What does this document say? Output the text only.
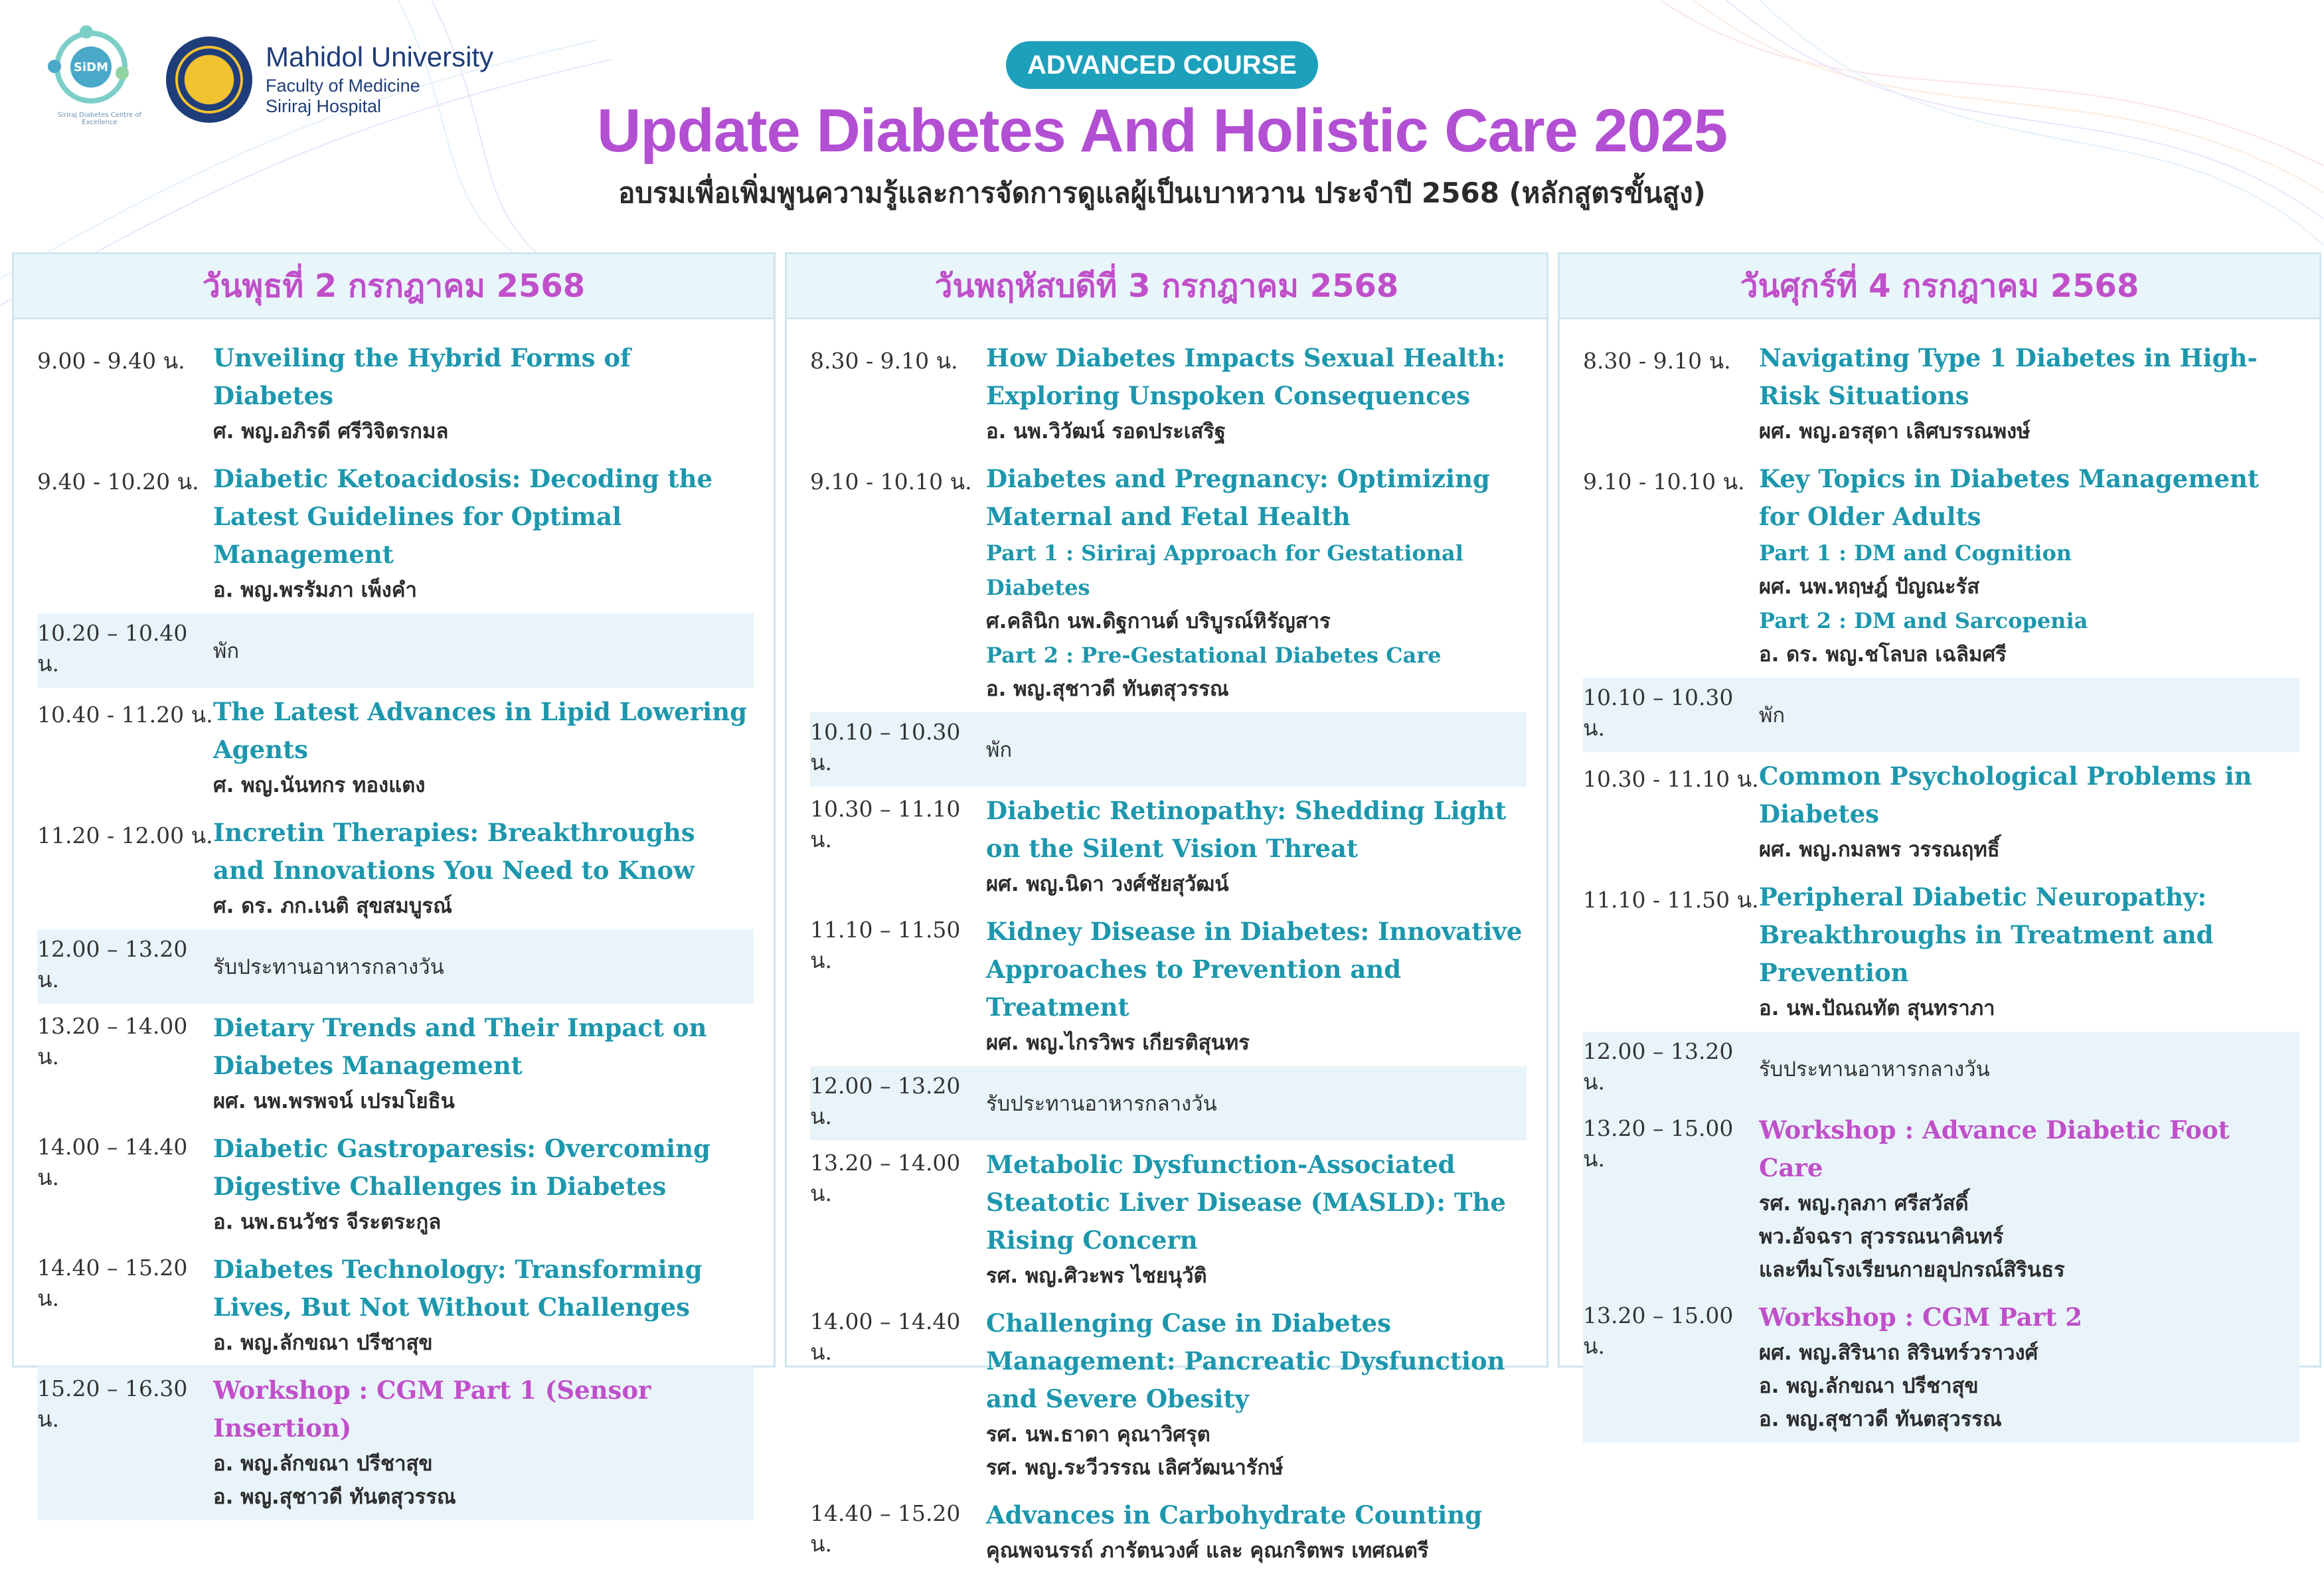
SiDM
Siriraj Diabetes Centre of Excellence
Mahidol University
Faculty of Medicine
Siriraj Hospital
ADVANCED COURSE
Update Diabetes And Holistic Care 2025
อบรมเพื่อเพิ่มพูนความรู้และการจัดการดูแลผู้เป็นเบาหวาน ประจำปี 2568 (หลักสูตรขั้นสูง)
วันพุธที่ 2 กรกฎาคม 2568
9.00 - 9.40 น.	Unveiling the Hybrid Forms of Diabetes
ศ. พญ.อภิรดี ศรีวิจิตรกมล
9.40 - 10.20 น. Diabetic Ketoacidosis: Decoding the Latest Guidelines for Optimal Management
อ. พญ.พรรัมภา เพ็งคำ
10.20 – 10.40 น.	พัก
10.40 - 11.20 น. The Latest Advances in Lipid Lowering Agents
ศ. พญ.นันทกร ทองแตง
11.20 - 12.00 น. Incretin Therapies: Breakthroughs and Innovations You Need to Know
ศ. ดร. ภก.เนติ สุขสมบูรณ์
12.00 – 13.20 น.	รับประทานอาหารกลางวัน
13.20 – 14.00 น.
Dietary Trends and Their Impact on Diabetes Management
ผศ. นพ.พรพจน์ เปรมโยธิน
14.00 – 14.40 น.
Diabetic Gastroparesis: Overcoming Digestive Challenges in Diabetes
อ. นพ.ธนวัชร จีระตระกูล
14.40 – 15.20 น.
Diabetes Technology: Transforming Lives, But Not Without Challenges
อ. พญ.ลักขณา ปรีชาสุข
15.20 – 16.30 น.
Workshop : CGM Part 1 (Sensor Insertion)
อ. พญ.ลักขณา ปรีชาสุข
อ. พญ.สุชาวดี ทันตสุวรรณ
วันพฤหัสบดีที่ 3 กรกฎาคม 2568
8.30 - 9.10 น.	How Diabetes Impacts Sexual Health: Exploring Unspoken Consequences
อ. นพ.วิวัฒน์ รอดประเสริฐ
9.10 - 10.10 น. Diabetes and Pregnancy: Optimizing Maternal and Fetal Health
Part 1 : Siriraj Approach for Gestational Diabetes
ศ.คลินิก นพ.ดิฐกานต์ บริบูรณ์หิรัญสาร
Part 2 : Pre-Gestational Diabetes Care
อ. พญ.สุชาวดี ทันตสุวรรณ
10.10 – 10.30 น.	พัก
10.30 – 11.10 น.
Diabetic Retinopathy: Shedding Light on the Silent Vision Threat
ผศ. พญ.นิดา วงศ์ชัยสุวัฒน์
11.10 – 11.50 น.
Kidney Disease in Diabetes: Innovative Approaches to Prevention and Treatment
ผศ. พญ.ไกรวิพร เกียรติสุนทร
12.00 – 13.20 น.	รับประทานอาหารกลางวัน
13.20 – 14.00 น.
Metabolic Dysfunction-Associated Steatotic Liver Disease (MASLD): The Rising Concern
รศ. พญ.ศิวะพร ไชยนุวัติ
14.00 – 14.40 น.
Challenging Case in Diabetes Management: Pancreatic Dysfunction and Severe Obesity
รศ. นพ.ธาดา คุณาวิศรุต
รศ. พญ.ระวีวรรณ เลิศวัฒนารักษ์
14.40 – 15.20 น.
Advances in Carbohydrate Counting
คุณพจนรรถ์ ภารัตนวงศ์ และ คุณกริตพร เทศณตรี
วันศุกร์ที่ 4 กรกฎาคม 2568
8.30 - 9.10 น.	Navigating Type 1 Diabetes in High-Risk Situations
ผศ. พญ.อรสุดา เลิศบรรณพงษ์
9.10 - 10.10 น. Key Topics in Diabetes Management for Older Adults
Part 1 : DM and Cognition
ผศ. นพ.หฤษฎ์ ปัญณะรัส
Part 2 : DM and Sarcopenia
อ. ดร. พญ.ชโลบล เฉลิมศรี
10.10 – 10.30 น.	พัก
10.30 - 11.10 น. Common Psychological Problems in Diabetes
ผศ. พญ.กมลพร วรรณฤทธิ์
11.10 - 11.50 น. Peripheral Diabetic Neuropathy: Breakthroughs in Treatment and Prevention
อ. นพ.ปัณณทัต สุนทราภา
12.00 – 13.20 น.	รับประทานอาหารกลางวัน
13.20 – 15.00 น.
Workshop : Advance Diabetic Foot Care
รศ. พญ.กุลภา ศรีสวัสดิ์
พว.อัจฉรา สุวรรณนาคินทร์
และทีมโรงเรียนกายอุปกรณ์สิรินธร
13.20 – 15.00 น.
Workshop : CGM Part 2
ผศ. พญ.สิรินาถ สิรินทร์วราวงศ์
อ. พญ.ลักขณา ปรีชาสุข
อ. พญ.สุชาวดี ทันตสุวรรณ
